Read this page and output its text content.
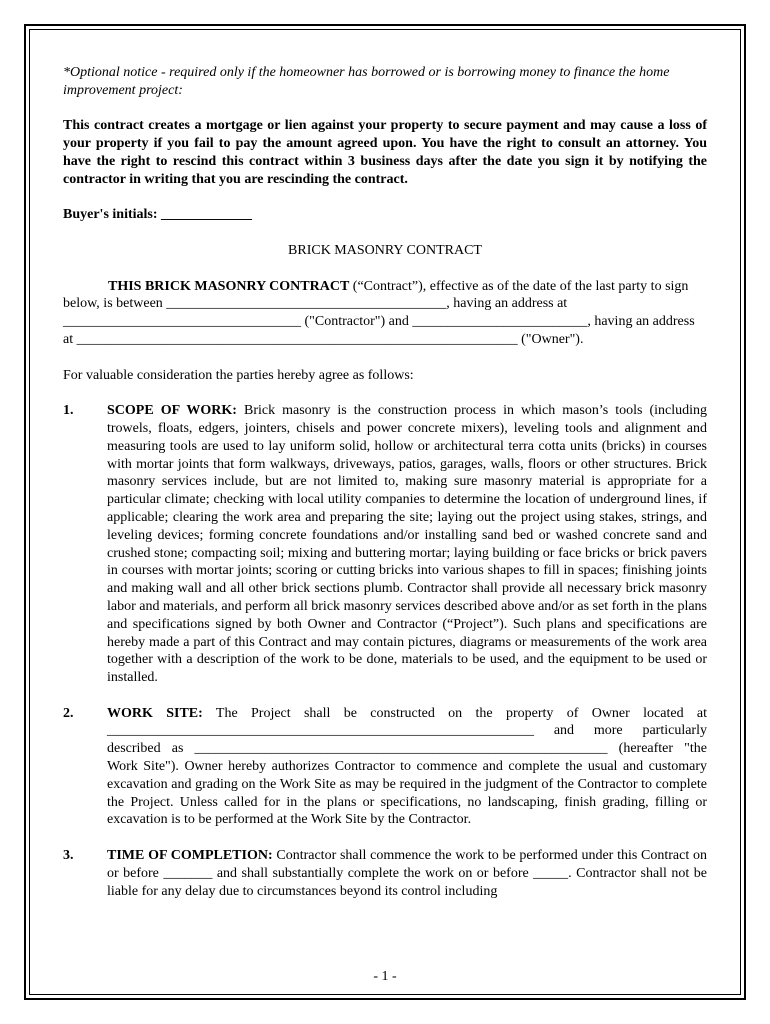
*Optional notice - required only if the homeowner has borrowed or is borrowing money to finance the home improvement project:

This contract creates a mortgage or lien against your property to secure payment and may cause a loss of your property if you fail to pay the amount agreed upon. You have the right to consult an attorney. You have the right to rescind this contract within 3 business days after the date you sign it by notifying the contractor in writing that you are rescinding the contract.

Buyer's initials: _____________

BRICK MASONRY CONTRACT

THIS BRICK MASONRY CONTRACT (“Contract”), effective as of the date of the last party to sign below, is between ________________________________________, having an address at __________________________________ ("Contractor") and _________________________, having an address at _______________________________________________________________ ("Owner").

For valuable consideration the parties hereby agree as follows:

1. SCOPE OF WORK: Brick masonry is the construction process in which mason’s tools (including trowels, floats, edgers, jointers, chisels and power concrete mixers), leveling tools and alignment and measuring tools are used to lay uniform solid, hollow or architectural terra cotta units (bricks) in courses with mortar joints that form walkways, driveways, patios, garages, walls, floors or other structures. Brick masonry services include, but are not limited to, making sure masonry material is appropriate for a particular climate; checking with local utility companies to determine the location of underground lines, if applicable; clearing the work area and preparing the site; laying out the project using stakes, strings, and leveling devices; forming concrete foundations and/or installing sand bed or washed concrete sand and crushed stone; compacting soil; mixing and buttering mortar; laying building or face bricks or brick pavers in courses with mortar joints; scoring or cutting bricks into various shapes to fill in spaces; finishing joints and making wall and all other brick sections plumb. Contractor shall provide all necessary brick masonry labor and materials, and perform all brick masonry services described above and/or as set forth in the plans and specifications signed by both Owner and Contractor (“Project”). Such plans and specifications are hereby made a part of this Contract and may contain pictures, diagrams or measurements of the work area together with a description of the work to be done, materials to be used, and the equipment to be used or installed.
2. WORK SITE: The Project shall be constructed on the property of Owner located at _____________________________________________________________ and more particularly described as ___________________________________________________________ (hereafter "the Work Site"). Owner hereby authorizes Contractor to commence and complete the usual and customary excavation and grading on the Work Site as may be required in the judgment of the Contractor to complete the Project. Unless called for in the plans or specifications, no landscaping, finish grading, filling or excavation is to be performed at the Work Site by the Contractor.
3. TIME OF COMPLETION: Contractor shall commence the work to be performed under this Contract on or before _______ and shall substantially complete the work on or before _____. Contractor shall not be liable for any delay due to circumstances beyond its control including
- 1 -
